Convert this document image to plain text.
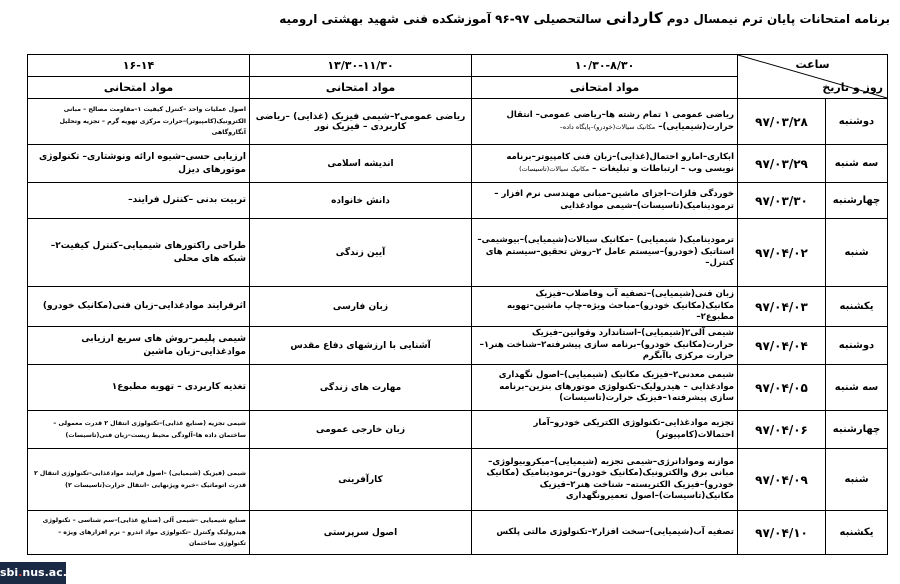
برنامه امتحانات پایان ترم نیمسال دوم کاردانی سالتحصیلی ۹۷-۹۶ آموزشکده فنی شهید بهشتی ارومیه
ساعت
روز و تاریخ		۱۰/۳۰-۸/۳۰	۱۳/۳۰-۱۱/۳۰	۱۶-۱۴
		مواد امتحانی	مواد امتحانی	مواد امتحانی
دوشنبه	۹۷/۰۳/۲۸	ریاضی عمومی ۱ تمام رشته ها–ریاضی عمومی– انتقال حرارت(شیمیایی)– مکانیک سیالات(خودرو)–پایگاه داده–	ریاضی عمومی۲–شیمی فیزیک (غذایی) –ریاضی کاربردی – فیزیک نور	اصول عملیات واحد –کنترل کیفیت ۱–مقاومت مصالح – مبانی الکترونیک(کامپیوتر)–حرارت مرکزی تهویه گرم – تجزیه وتحلیل آنگاروگاهی
سه شنبه	۹۷/۰۳/۲۹	ابکاری–امارو احتمال(غذایی)–زبان فنی کامپیوتر–برنامه نویسی وب – ارتباطات و تبلیغات – مکانیک سیالات(تاسیسات)	اندیشه اسلامی	ارزیابی حسی–شیوه ارائه ونوشتاری– تکنولوژی موتورهای دیزل
چهارشنبه	۹۷/۰۳/۳۰	خوردگی فلزات–اجزای ماشین–مبانی مهندسی نرم افزار – ترمودینامیک(تاسیسات)–شیمی موادغذایی	دانش خانواده	تربیت بدنی –کنترل فرایند–
شنبه	۹۷/۰۴/۰۲	ترمودینامیک( شیمیایی) –مکانیک سیالات(شیمیایی)–بیوشیمی– استاتیک (خودرو)–سیستم عامل ۲–روش تحقیق–سیستم های کنترل–	آیین زندگی	طراحی راکتورهای شیمیایی–کنترل کیفیت۲–شبکه های محلی
یکشنبه	۹۷/۰۴/۰۳	زبان فنی(شیمیایی)–تصفیه آب وفاضلاب–فیزیک مکانیک(مکانیک خودرو)–مباحث ویژه–چاپ ماشین–تهویه مطبوع۲–	زبان فارسی	اثرفرایند موادغذایی–زبان فنی(مکانیک خودرو)
دوشنبه	۹۷/۰۴/۰۴	شیمی آلی۲(شیمیایی)–استاندارد وقوانین–فیزیک حرارت(مکانیک خودرو)–برنامه سازی پیشرفته۲–شناخت هنر۱–حرارت مرکزی باآبگرم	آشنایی با ارزشهای دفاع مقدس	شیمی پلیمر–روش های سریع ارزیابی موادغذایی–زبان ماشین
سه شنبه	۹۷/۰۴/۰۵	شیمی معدنی۲–فیزیک مکانیک (شیمیایی)–اصول نگهداری موادغذایی – هیدرولیک–تکنولوژی موتورهای بنزین–برنامه سازی پیشرفته۱–فیزیک حرارت(تاسیسات)	مهارت های زندگی	تغذیه کاربردی – تهویه مطبوع۱
چهارشنبه	۹۷/۰۴/۰۶	تجزیه موادغذایی–تکنولوژی الکتریکی خودرو–آمار احتمالات(کامپیوتر)	زبان خارجی عمومی	شیمی تجزیه (صنایع غذایی)–تکنولوژی انتقال ۲ قدرت معمولی –ساختمان داده ها–آلودگی محیط زیست–زبان فنی(تاسیسات)
شنبه	۹۷/۰۴/۰۹	موازنه وموادانرژی–شیمی تجزیه (شیمیایی)–میکروبیولوژی–مبانی برق والکترونیک(مکانیک خودرو)–ترمودینامیک (مکانیک خودرو)–فیزیک الکتریسته– شناخت هنر۲–فیزیک مکانیک(تاسیسات)–اصول تعمیرونگهداری	کارآفرینی	شیمی (فیزیک (شیمیایی) –اصول فرایند موادغذایی–تکنولوژی انتقال ۲ قدرت اتوماتیک –خبره ویژنهایی –انتقال حرارت(تاسیسات ۲)
یکشنبه	۹۷/۰۴/۱۰	تصفیه آب(شیمیایی)–سخت افزار۲–تکنولوژی مالتی پلکس	اصول سرپرستی	صنایع شیمیایی –شیمی آلی (صنایع غذایی)–سم شناسی – تکنولوژی هیدرولیک وکنترل –تکنولوژی مواد اندرو – نرم افزارهای ویژه –تکنولوژی ساختمان
sbi.nus.ac.ir
